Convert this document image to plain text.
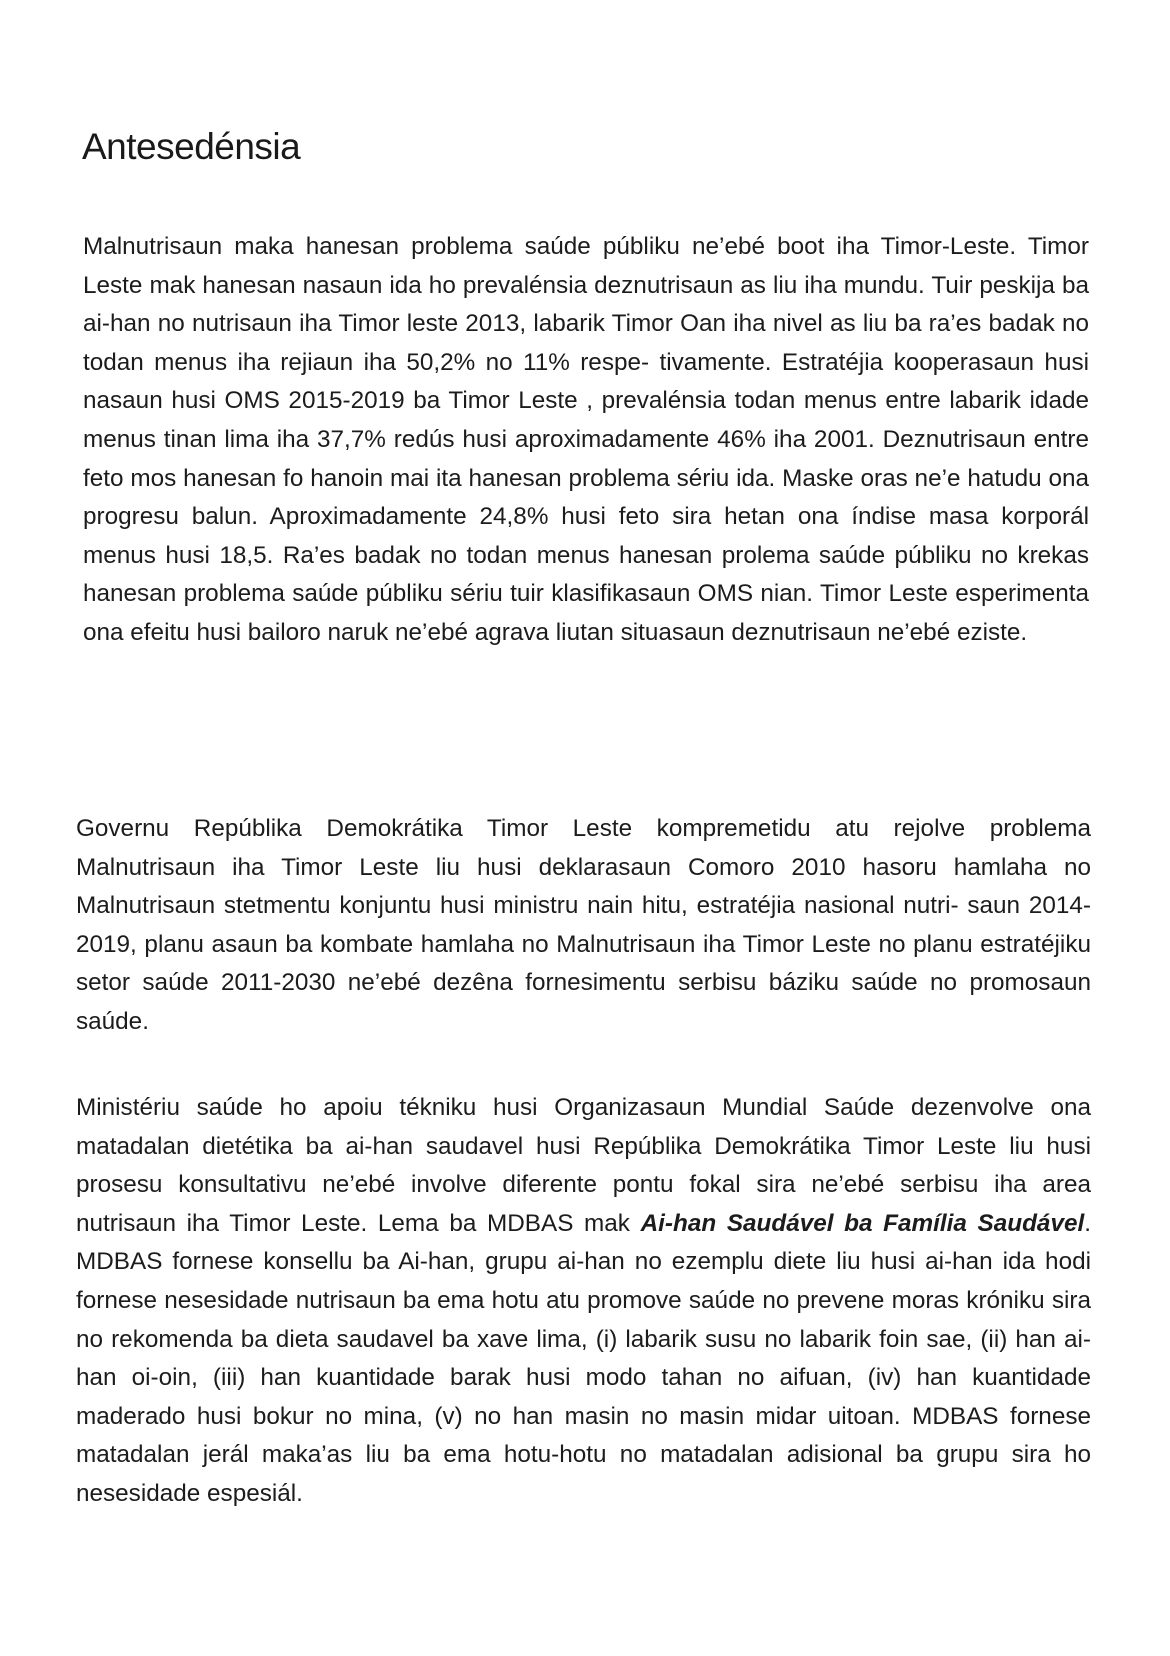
Antesedénsia

Malnutrisaun maka hanesan problema saúde públiku ne’ebé boot iha Timor-Leste. Timor Leste mak hanesan nasaun ida ho prevalénsia deznutrisaun as liu iha mundu. Tuir peskija ba ai-han no nutrisaun iha Timor leste 2013, labarik Timor Oan iha nivel as liu ba ra’es badak no todan menus iha rejiaun iha 50,2% no 11% respe- tivamente. Estratéjia kooperasaun husi nasaun husi OMS 2015-2019 ba Timor Leste , prevalénsia todan menus entre labarik idade menus tinan lima iha 37,7% redús husi aproximadamente 46% iha 2001. Deznutrisaun entre feto mos hanesan fo hanoin mai ita hanesan problema sériu ida. Maske oras ne’e hatudu ona progresu balun. Aproximadamente 24,8% husi feto sira hetan ona índise masa korporál menus husi 18,5. Ra’es badak no todan menus hanesan prolema saúde públiku no krekas hanesan problema saúde públiku sériu tuir klasifikasaun OMS nian. Timor Leste esperimenta ona efeitu husi bailoro naruk ne’ebé agrava liutan situasaun deznutrisaun ne’ebé eziste.

Governu Repúblika Demokrátika Timor Leste kompremetidu atu rejolve problema Malnutrisaun iha Timor Leste liu husi deklarasaun Comoro 2010 hasoru hamlaha no Malnutrisaun stetmentu konjuntu husi ministru nain hitu, estratéjia nasional nutri- saun 2014-2019, planu asaun ba kombate hamlaha no Malnutrisaun iha Timor Leste no planu estratéjiku setor saúde 2011-2030 ne’ebé dezêna fornesimentu serbisu báziku saúde no promosaun saúde.

Ministériu saúde ho apoiu tékniku husi Organizasaun Mundial Saúde dezenvolve ona matadalan dietétika ba ai-han saudavel husi Repúblika Demokrátika Timor Leste liu husi prosesu konsultativu ne’ebé involve diferente pontu fokal sira ne’ebé serbisu iha area nutrisaun iha Timor Leste. Lema ba MDBAS mak Ai-han Saudável ba Família Saudável. MDBAS fornese konsellu ba Ai-han, grupu ai-han no ezemplu diete liu husi ai-han ida hodi fornese nesesidade nutrisaun ba ema hotu atu promove saúde no prevene moras króniku sira no rekomenda ba dieta saudavel ba xave lima, (i) labarik susu no labarik foin sae, (ii) han ai-han oi-oin, (iii) han kuantidade barak husi modo tahan no aifuan, (iv) han kuantidade maderado husi bokur no mina, (v) no han masin no masin midar uitoan. MDBAS fornese matadalan jerál maka’as liu ba ema hotu-hotu no matadalan adisional ba grupu sira ho nesesidade espesiál.
